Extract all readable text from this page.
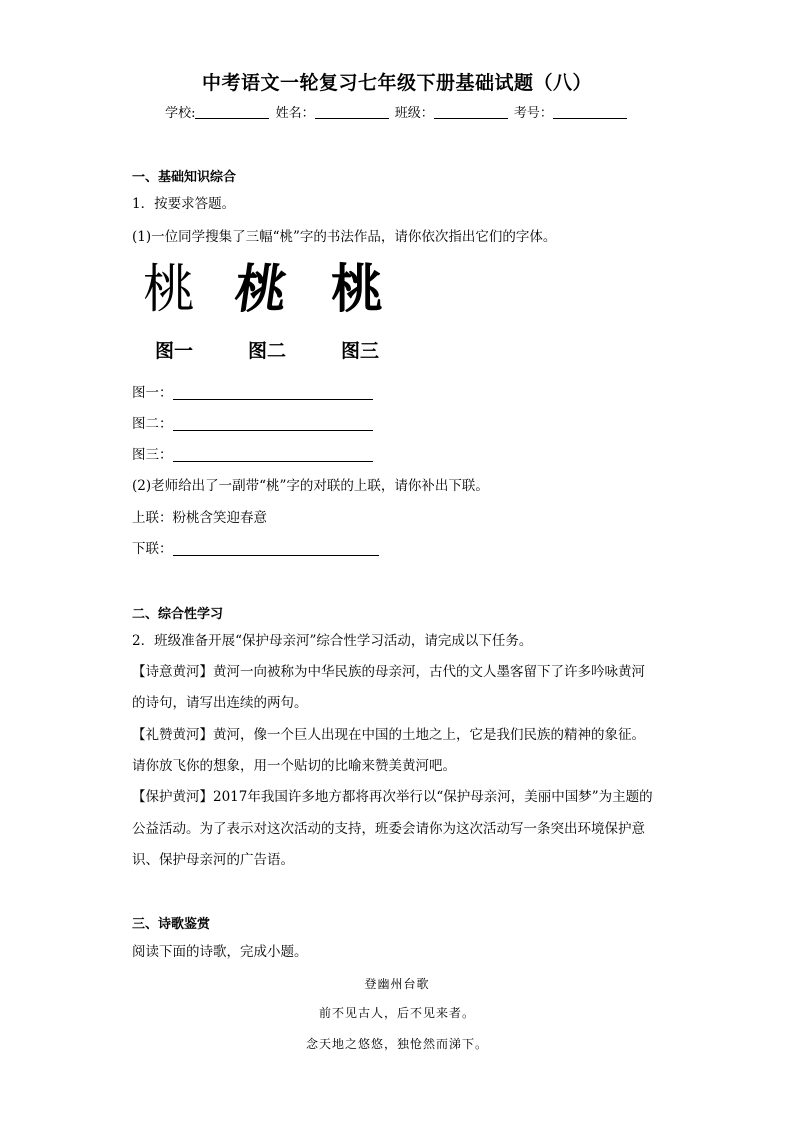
中考语文一轮复习七年级下册基础试题（八）
学校:	姓名：	班级：	考号：
一、基础知识综合
1．按要求答题。
(1)一位同学搜集了三幅“桃”字的书法作品，请你依次指出它们的字体。
桃 桃 桃
图一	图二	图三
图一：
图二：
图三：
(2)老师给出了一副带“桃”字的对联的上联，请你补出下联。
上联：粉桃含笑迎春意
下联：
二、综合性学习
2．班级准备开展“保护母亲河”综合性学习活动，请完成以下任务。
【诗意黄河】黄河一向被称为中华民族的母亲河，古代的文人墨客留下了许多吟咏黄河
的诗句，请写出连续的两句。
【礼赞黄河】黄河，像一个巨人出现在中国的土地之上，它是我们民族的精神的象征。
请你放飞你的想象，用一个贴切的比喻来赞美黄河吧。
【保护黄河】2017年我国许多地方都将再次举行以“保护母亲河，美丽中国梦”为主题的
公益活动。为了表示对这次活动的支持，班委会请你为这次活动写一条突出环境保护意
识、保护母亲河的广告语。
三、诗歌鉴赏
阅读下面的诗歌，完成小题。
登幽州台歌
前不见古人，后不见来者。
念天地之悠悠，独怆然而涕下。
